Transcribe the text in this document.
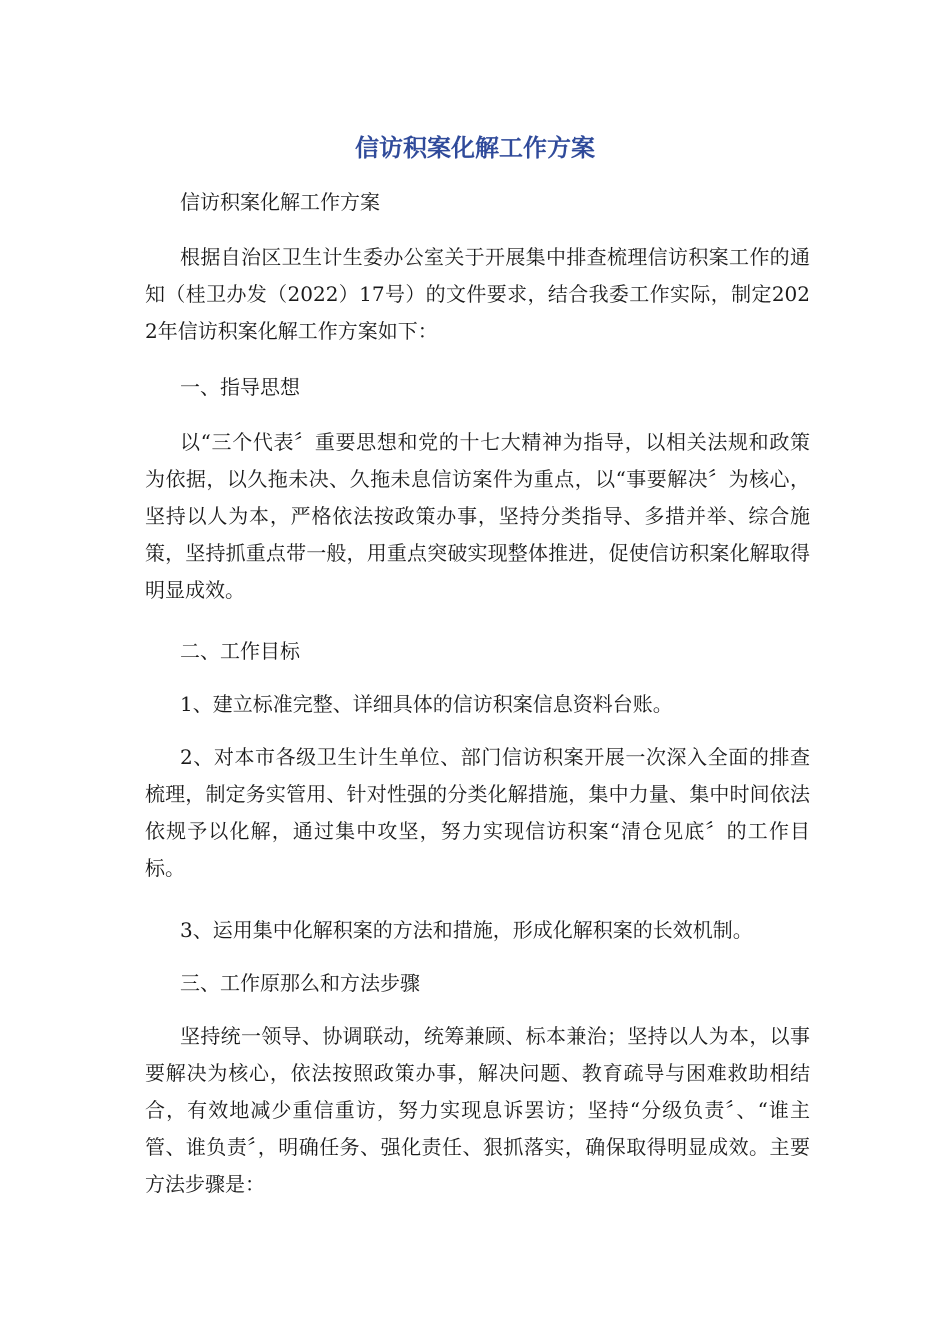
信访积案化解工作方案

信访积案化解工作方案

根据自治区卫生计生委办公室关于开展集中排查梳理信访积案工作的通知（桂卫办发（2022）17号）的文件要求，结合我委工作实际，制定2022年信访积案化解工作方案如下：

一、指导思想

以“三个代表〞重要思想和党的十七大精神为指导，以相关法规和政策为依据，以久拖未决、久拖未息信访案件为重点，以“事要解决〞为核心，坚持以人为本，严格依法按政策办事，坚持分类指导、多措并举、综合施策，坚持抓重点带一般，用重点突破实现整体推进，促使信访积案化解取得明显成效。

二、工作目标

1、建立标准完整、详细具体的信访积案信息资料台账。

2、对本市各级卫生计生单位、部门信访积案开展一次深入全面的排查梳理，制定务实管用、针对性强的分类化解措施，集中力量、集中时间依法依规予以化解，通过集中攻坚，努力实现信访积案“清仓见底〞的工作目标。

3、运用集中化解积案的方法和措施，形成化解积案的长效机制。

三、工作原那么和方法步骤

坚持统一领导、协调联动，统筹兼顾、标本兼治；坚持以人为本，以事要解决为核心，依法按照政策办事，解决问题、教育疏导与困难救助相结合，有效地减少重信重访，努力实现息诉罢访；坚持“分级负责〞、“谁主管、谁负责〞，明确任务、强化责任、狠抓落实，确保取得明显成效。主要方法步骤是：
